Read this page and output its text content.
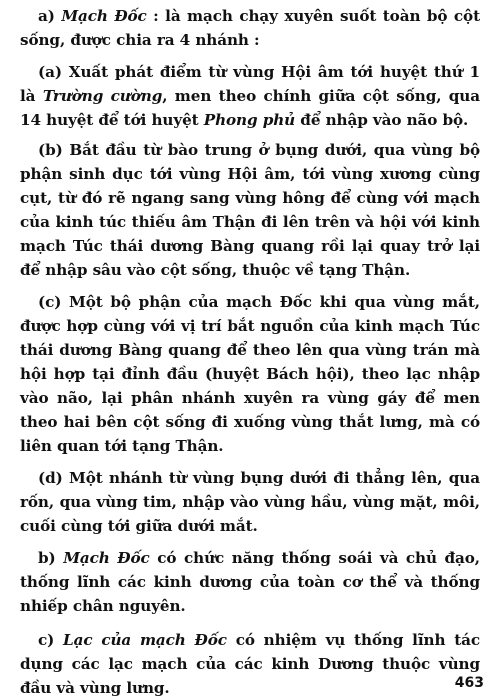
a) Mạch Đốc : là mạch chạy xuyên suốt toàn bộ cột sống, được chia ra 4 nhánh :

(a) Xuất phát điểm từ vùng Hội âm tới huyệt thứ 1 là Trường cường, men theo chính giữa cột sống, qua 14 huyệt để tới huyệt Phong phủ để nhập vào não bộ.

(b) Bắt đầu từ bào trung ở bụng dưới, qua vùng bộ phận sinh dục tới vùng Hội âm, tới vùng xương cùng cụt, từ đó rẽ ngang sang vùng hông để cùng với mạch của kinh túc thiếu âm Thận đi lên trên và hội với kinh mạch Túc thái dương Bàng quang rồi lại quay trở lại để nhập sâu vào cột sống, thuộc về tạng Thận.

(c) Một bộ phận của mạch Đốc khi qua vùng mắt, được hợp cùng với vị trí bắt nguồn của kinh mạch Túc thái dương Bàng quang để theo lên qua vùng trán mà hội hợp tại đỉnh đầu (huyệt Bách hội), theo lạc nhập vào não, lại phân nhánh xuyên ra vùng gáy để men theo hai bên cột sống đi xuống vùng thắt lưng, mà có liên quan tới tạng Thận.

(d) Một nhánh từ vùng bụng dưới đi thẳng lên, qua rốn, qua vùng tim, nhập vào vùng hầu, vùng mặt, môi, cuối cùng tới giữa dưới mắt.

b) Mạch Đốc có chức năng thống soái và chủ đạo, thống lĩnh các kinh dương của toàn cơ thể và thống nhiếp chân nguyên.

c) Lạc của mạch Đốc có nhiệm vụ thống lĩnh tác dụng các lạc mạch của các kinh Dương thuộc vùng đầu và vùng lưng.	463
